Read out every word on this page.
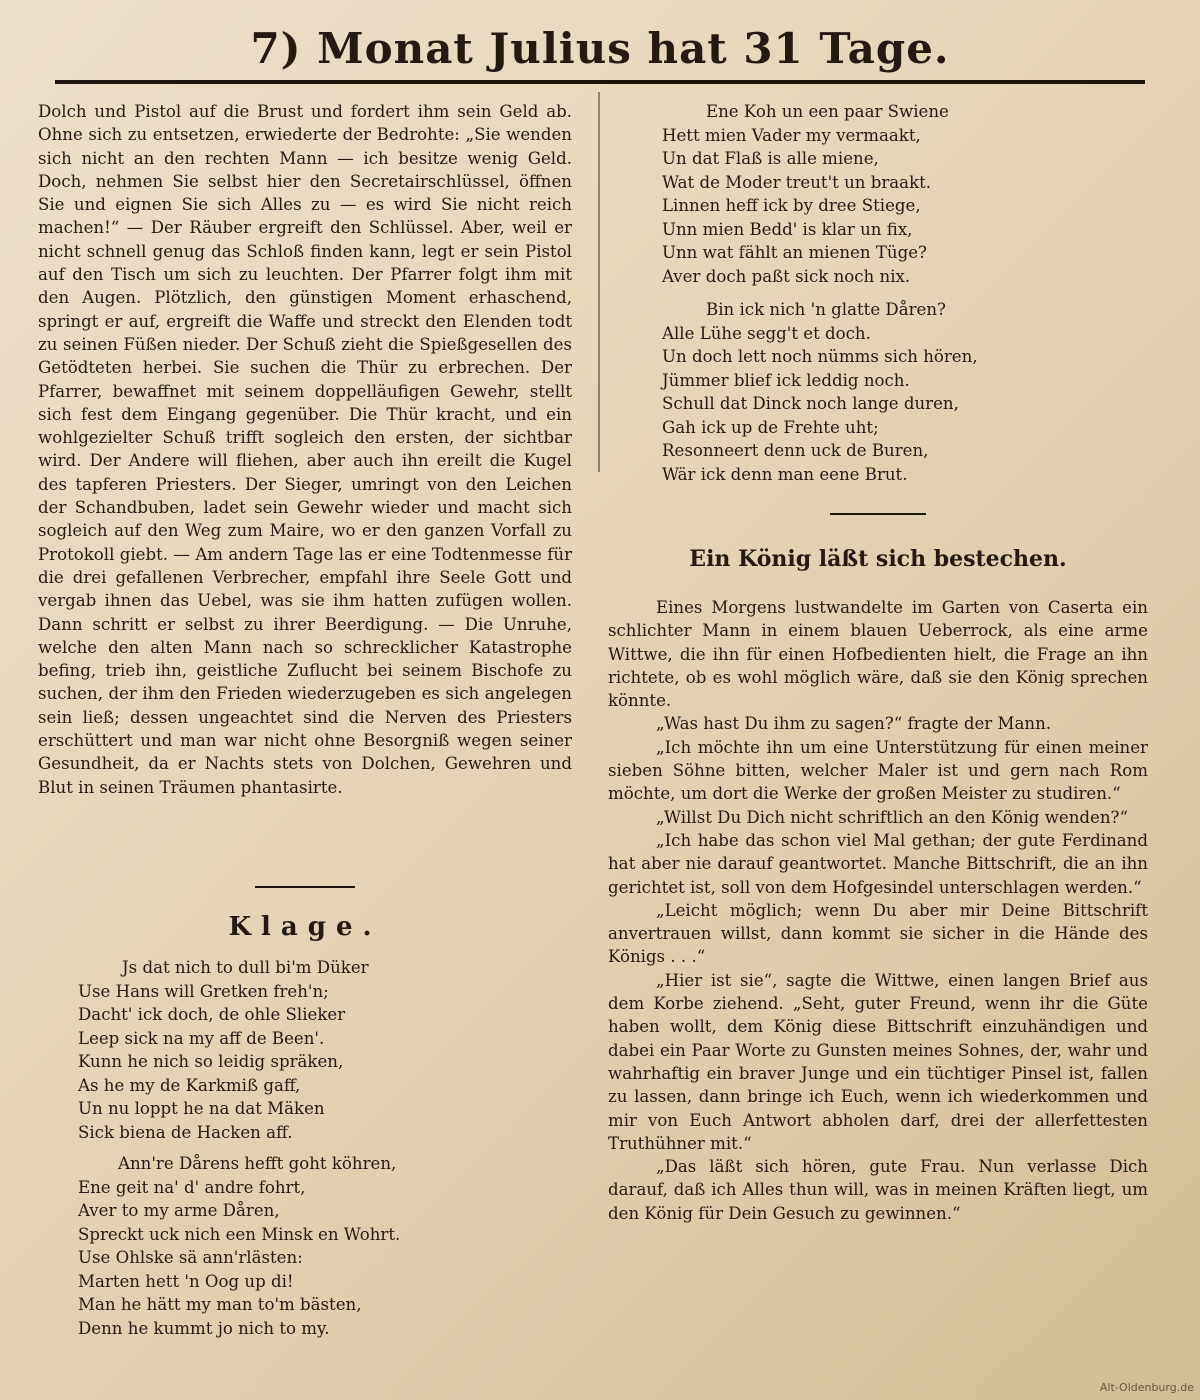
7) Monat Julius hat 31 Tage.

Dolch und Pistol auf die Brust und fordert ihm sein Geld ab. Ohne sich zu entsetzen, erwiederte der Bedrohte: „Sie wenden sich nicht an den rechten Mann — ich besitze wenig Geld. Doch, nehmen Sie selbst hier den Secretairschlüssel, öffnen Sie und eignen Sie sich Alles zu — es wird Sie nicht reich machen!“ — Der Räuber ergreift den Schlüssel. Aber, weil er nicht schnell genug das Schloß finden kann, legt er sein Pistol auf den Tisch um sich zu leuchten. Der Pfarrer folgt ihm mit den Augen. Plötzlich, den günstigen Moment erhaschend, springt er auf, ergreift die Waffe und streckt den Elenden todt zu seinen Füßen nieder. Der Schuß zieht die Spießgesellen des Getödteten herbei. Sie suchen die Thür zu erbrechen. Der Pfarrer, bewaffnet mit seinem doppelläufigen Gewehr, stellt sich fest dem Eingang gegenüber. Die Thür kracht, und ein wohlgezielter Schuß trifft sogleich den ersten, der sichtbar wird. Der Andere will fliehen, aber auch ihn ereilt die Kugel des tapferen Priesters. Der Sieger, umringt von den Leichen der Schandbuben, ladet sein Gewehr wieder und macht sich sogleich auf den Weg zum Maire, wo er den ganzen Vorfall zu Protokoll giebt. — Am andern Tage las er eine Todtenmesse für die drei gefallenen Verbrecher, empfahl ihre Seele Gott und vergab ihnen das Uebel, was sie ihm hatten zufügen wollen. Dann schritt er selbst zu ihrer Beerdigung. — Die Unruhe, welche den alten Mann nach so schrecklicher Katastrophe befing, trieb ihn, geistliche Zuflucht bei seinem Bischofe zu suchen, der ihm den Frieden wiederzugeben es sich angelegen sein ließ; dessen ungeachtet sind die Nerven des Priesters erschüttert und man war nicht ohne Besorgniß wegen seiner Gesundheit, da er Nachts stets von Dolchen, Gewehren und Blut in seinen Träumen phantasirte.

Klage.
Js dat nich to dull bi'm Düker
Use Hans will Gretken freh'n;
Dacht' ick doch, de ohle Slieker
Leep sick na my aff de Been'.
Kunn he nich so leidig spräken,
As he my de Karkmiß gaff,
Un nu loppt he na dat Mäken
Sick biena de Hacken aff.
Ann're Dårens hefft goht köhren,
Ene geit na' d' andre fohrt,
Aver to my arme Dåren,
Spreckt uck nich een Minsk en Wohrt.
Use Ohlske sä ann'rlästen:
Marten hett 'n Oog up di!
Man he hätt my man to'm bästen,
Denn he kummt jo nich to my.
Ene Koh un een paar Swiene
Hett mien Vader my vermaakt,
Un dat Flaß is alle miene,
Wat de Moder treut't un braakt.
Linnen heff ick by dree Stiege,
Unn mien Bedd' is klar un fix,
Unn wat fählt an mienen Tüge?
Aver doch paßt sick noch nix.
Bin ick nich 'n glatte Dåren?
Alle Lühe segg't et doch.
Un doch lett noch nümms sich hören,
Jümmer blief ick leddig noch.
Schull dat Dinck noch lange duren,
Gah ick up de Frehte uht;
Resonneert denn uck de Buren,
Wär ick denn man eene Brut.
Ein König läßt sich bestechen.

Eines Morgens lustwandelte im Garten von Caserta ein schlichter Mann in einem blauen Ueberrock, als eine arme Wittwe, die ihn für einen Hofbedienten hielt, die Frage an ihn richtete, ob es wohl möglich wäre, daß sie den König sprechen könnte.

„Was hast Du ihm zu sagen?“ fragte der Mann.

„Ich möchte ihn um eine Unterstützung für einen meiner sieben Söhne bitten, welcher Maler ist und gern nach Rom möchte, um dort die Werke der großen Meister zu studiren.“

„Willst Du Dich nicht schriftlich an den König wenden?“

„Ich habe das schon viel Mal gethan; der gute Ferdinand hat aber nie darauf geantwortet. Manche Bittschrift, die an ihn gerichtet ist, soll von dem Hofgesindel unterschlagen werden.“

„Leicht möglich; wenn Du aber mir Deine Bittschrift anvertrauen willst, dann kommt sie sicher in die Hände des Königs . . .“

„Hier ist sie“, sagte die Wittwe, einen langen Brief aus dem Korbe ziehend. „Seht, guter Freund, wenn ihr die Güte haben wollt, dem König diese Bittschrift einzuhändigen und dabei ein Paar Worte zu Gunsten meines Sohnes, der, wahr und wahrhaftig ein braver Junge und ein tüchtiger Pinsel ist, fallen zu lassen, dann bringe ich Euch, wenn ich wiederkommen und mir von Euch Antwort abholen darf, drei der allerfettesten Truthühner mit.“

„Das läßt sich hören, gute Frau. Nun verlasse Dich darauf, daß ich Alles thun will, was in meinen Kräften liegt, um den König für Dein Gesuch zu gewinnen.“

Alt-Oldenburg.de
